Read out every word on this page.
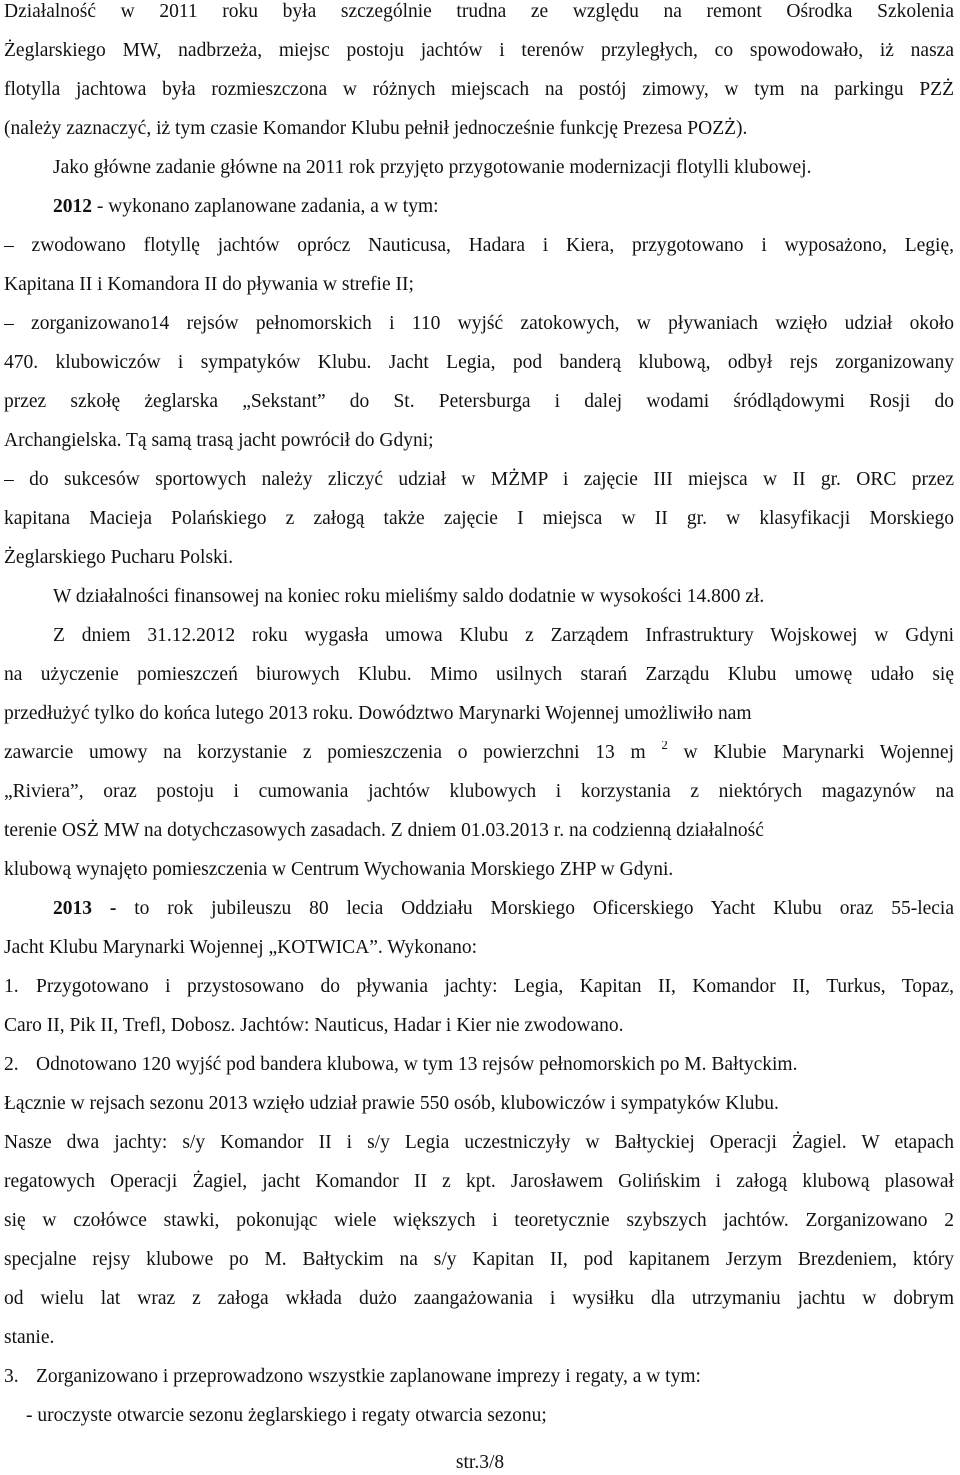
Działalność w 2011 roku była szczególnie trudna ze względu na remont Ośrodka Szkolenia
Żeglarskiego MW, nadbrzeża, miejsc postoju jachtów i terenów przyległych, co spowodowało, iż nasza
flotylla jachtowa była rozmieszczona w różnych miejscach na postój zimowy, w tym na parkingu PZŻ
(należy zaznaczyć, iż tym czasie Komandor Klubu pełnił jednocześnie funkcję Prezesa POZŻ).
Jako główne zadanie główne na 2011 rok przyjęto przygotowanie modernizacji flotylli klubowej.
2012 - wykonano zaplanowane zadania, a w tym:
– zwodowano flotyllę jachtów oprócz Nauticusa, Hadara i Kiera, przygotowano i wyposażono, Legię,
Kapitana II i Komandora II do pływania w strefie II;
– zorganizowano14 rejsów pełnomorskich i 110 wyjść zatokowych, w pływaniach wzięło udział około
470. klubowiczów i sympatyków Klubu. Jacht Legia, pod banderą klubową, odbył rejs zorganizowany
przez szkołę żeglarska „Sekstant” do St. Petersburga i dalej wodami śródlądowymi Rosji do
Archangielska. Tą samą trasą jacht powrócił do Gdyni;
– do sukcesów sportowych należy zliczyć udział w MŻMP i zajęcie III miejsca w II gr. ORC przez
kapitana Macieja Polańskiego z załogą także zajęcie I miejsca w II gr. w klasyfikacji Morskiego
Żeglarskiego Pucharu Polski.
W działalności finansowej na koniec roku mieliśmy saldo dodatnie w wysokości 14.800 zł.
Z dniem 31.12.2012 roku wygasła umowa Klubu z Zarządem Infrastruktury Wojskowej w Gdyni
na użyczenie pomieszczeń biurowych Klubu. Mimo usilnych starań Zarządu Klubu umowę udało się
przedłużyć tylko do końca lutego 2013 roku. Dowództwo Marynarki Wojennej umożliwiło nam
zawarcie umowy na korzystanie z pomieszczenia o powierzchni 13 m $^2$ w Klubie Marynarki Wojennej
„Riviera”, oraz postoju i cumowania jachtów klubowych i korzystania z niektórych magazynów na
terenie OSŻ MW na dotychczasowych zasadach. Z dniem 01.03.2013 r. na codzienną działalność
klubową wynajęto pomieszczenia w Centrum Wychowania Morskiego ZHP w Gdyni.
2013 - to rok jubileuszu 80 lecia Oddziału Morskiego Oficerskiego Yacht Klubu oraz 55-lecia
Jacht Klubu Marynarki Wojennej „KOTWICA”. Wykonano:
1. Przygotowano i przystosowano do pływania jachty: Legia, Kapitan II, Komandor II, Turkus, Topaz,
Caro II, Pik II, Trefl, Dobosz. Jachtów: Nauticus, Hadar i Kier nie zwodowano.
2. Odnotowano 120 wyjść pod bandera klubowa, w tym 13 rejsów pełnomorskich po M. Bałtyckim.
Łącznie w rejsach sezonu 2013 wzięło udział prawie 550 osób, klubowiczów i sympatyków Klubu.
Nasze dwa jachty: s/y Komandor II i s/y Legia uczestniczyły w Bałtyckiej Operacji Żagiel. W etapach
regatowych Operacji Żagiel, jacht Komandor II z kpt. Jarosławem Golińskim i załogą klubową plasował
się w czołówce stawki, pokonując wiele większych i teoretycznie szybszych jachtów. Zorganizowano 2
specjalne rejsy klubowe po M. Bałtyckim na s/y Kapitan II, pod kapitanem Jerzym Brezdeniem, który
od wielu lat wraz z załoga wkłada dużo zaangażowania i wysiłku dla utrzymaniu jachtu w dobrym
stanie.
3. Zorganizowano i przeprowadzono wszystkie zaplanowane imprezy i regaty, a w tym:
- uroczyste otwarcie sezonu żeglarskiego i regaty otwarcia sezonu;
str.3/8
